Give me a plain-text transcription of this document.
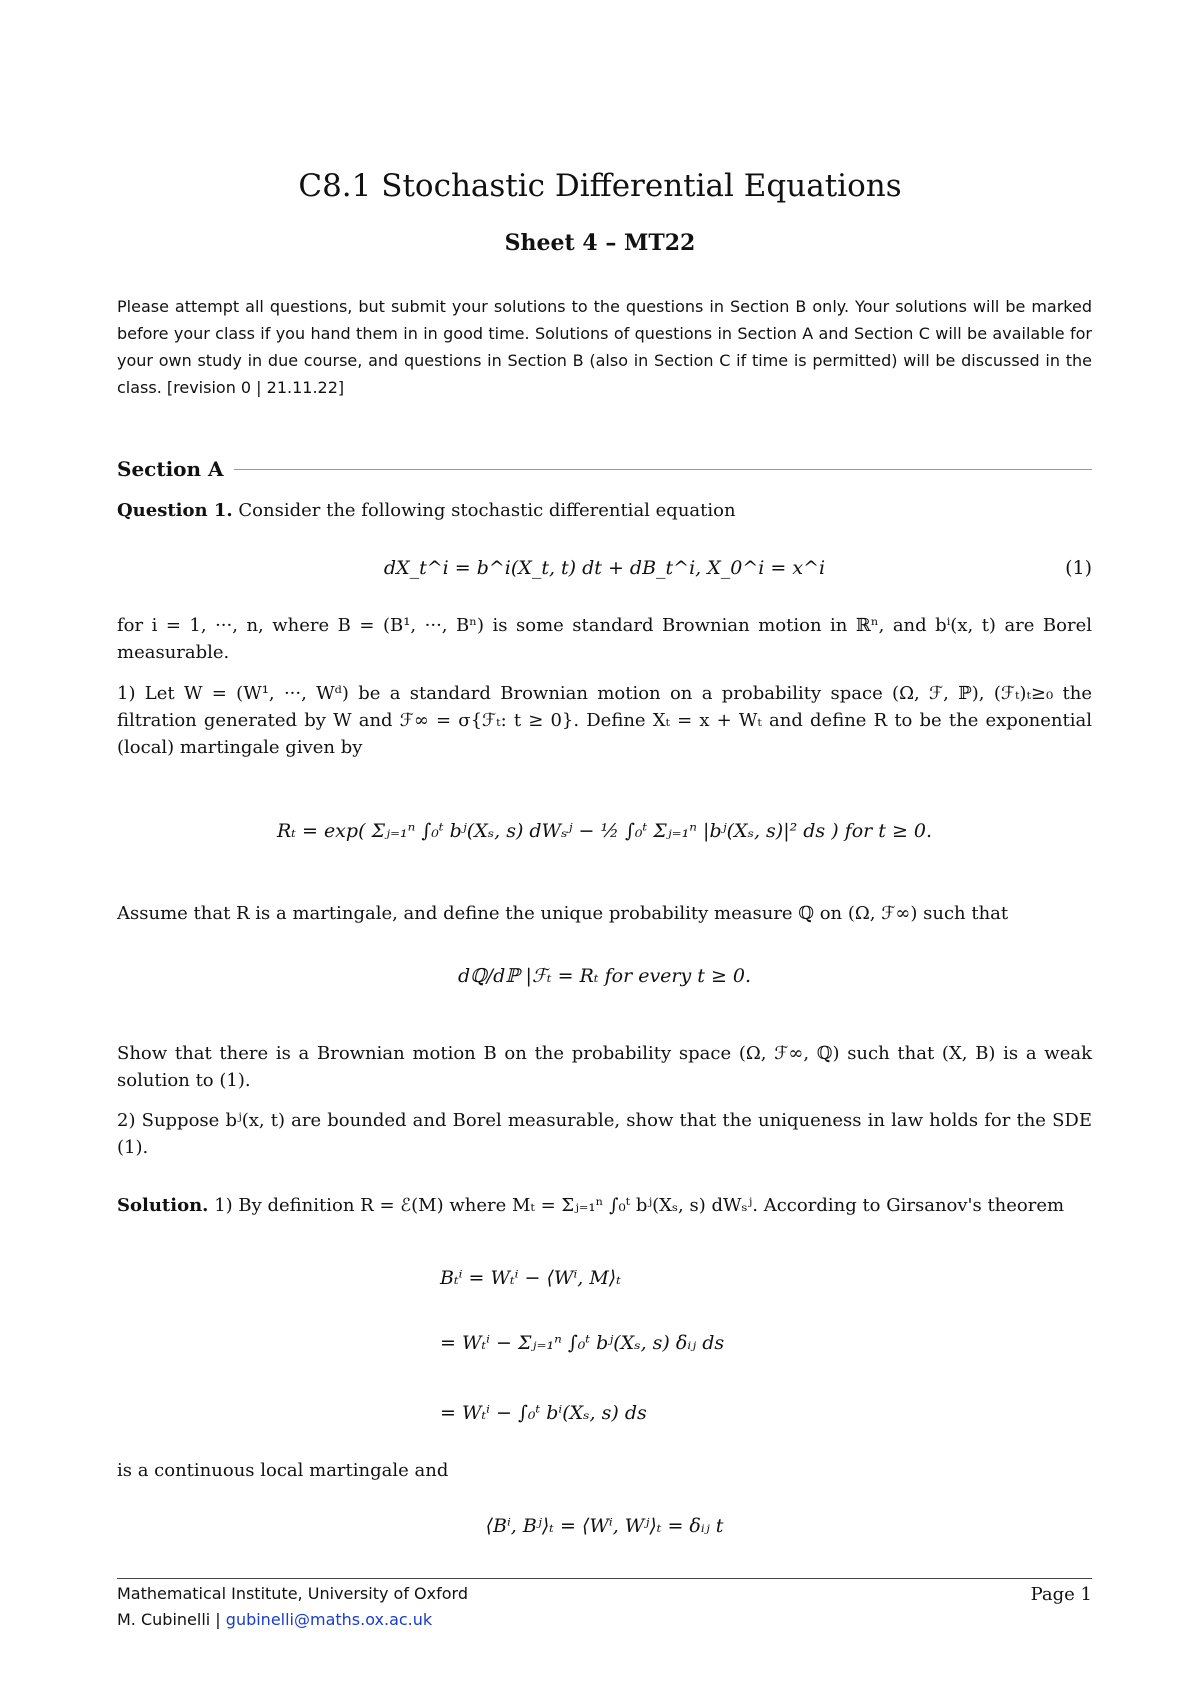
C8.1 Stochastic Differential Equations
Sheet 4 – MT22
Please attempt all questions, but submit your solutions to the questions in Section B only. Your solutions will be marked before your class if you hand them in in good time. Solutions of questions in Section A and Section C will be available for your own study in due course, and questions in Section B (also in Section C if time is permitted) will be discussed in the class. [revision 0 | 21.11.22]
Section A
Question 1. Consider the following stochastic differential equation
dX_t^i = b^i(X_t, t) dt + dB_t^i, X_0^i = x^i	(1)
for i = 1, ···, n, where B = (B¹, ···, Bⁿ) is some standard Brownian motion in ℝⁿ, and bⁱ(x, t) are Borel measurable.
1) Let W = (W¹, ···, Wᵈ) be a standard Brownian motion on a probability space (Ω, ℱ, ℙ), (ℱₜ)ₜ≥₀ the filtration generated by W and ℱ∞ = σ{ℱₜ: t ≥ 0}. Define Xₜ = x + Wₜ and define R to be the exponential (local) martingale given by
Rₜ = exp( Σⱼ₌₁ⁿ ∫₀ᵗ bʲ(Xₛ, s) dWₛʲ − ½ ∫₀ᵗ Σⱼ₌₁ⁿ |bʲ(Xₛ, s)|² ds ) for t ≥ 0.
Assume that R is a martingale, and define the unique probability measure ℚ on (Ω, ℱ∞) such that
dℚ/dℙ |ℱₜ = Rₜ for every t ≥ 0.
Show that there is a Brownian motion B on the probability space (Ω, ℱ∞, ℚ) such that (X, B) is a weak solution to (1).
2) Suppose bʲ(x, t) are bounded and Borel measurable, show that the uniqueness in law holds for the SDE (1).
Solution. 1) By definition R = ℰ(M) where Mₜ = Σⱼ₌₁ⁿ ∫₀ᵗ bʲ(Xₛ, s) dWₛʲ. According to Girsanov's theorem
Bₜⁱ = Wₜⁱ − ⟨Wⁱ, M⟩ₜ
= Wₜⁱ − Σⱼ₌₁ⁿ ∫₀ᵗ bʲ(Xₛ, s) δᵢⱼ ds
= Wₜⁱ − ∫₀ᵗ bⁱ(Xₛ, s) ds
is a continuous local martingale and
⟨Bⁱ, Bʲ⟩ₜ = ⟨Wⁱ, Wʲ⟩ₜ = δᵢⱼ t
Mathematical Institute, University of Oxford	Page 1
M. Cubinelli | gubinelli@maths.ox.ac.uk
